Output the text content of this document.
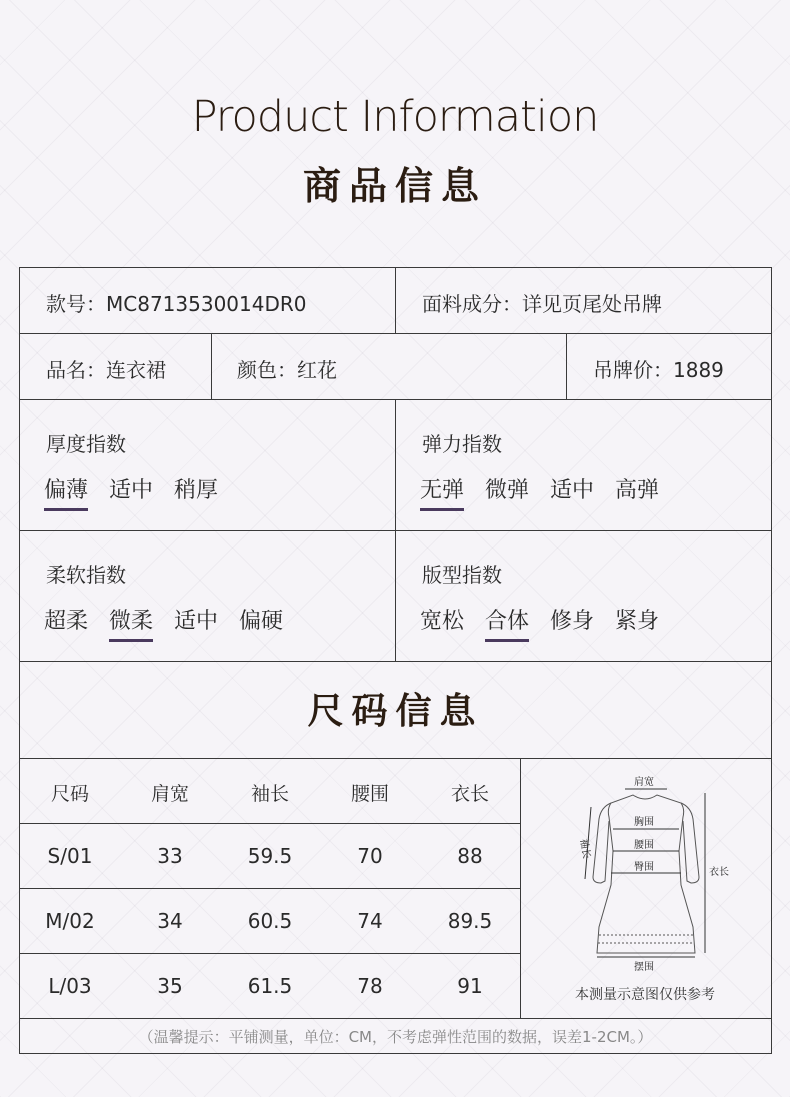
Product Information
商品信息
款号：MC8713530014DR0	面料成分：详见页尾处吊牌
品名：连衣裙	颜色：红花	吊牌价：1889
厚度指数
偏薄 适中 稍厚
弹力指数
无弹 微弹 适中 高弹
柔软指数
超柔 微柔 适中 偏硬
版型指数
宽松 合体 修身 紧身
尺码信息
尺码	肩宽	袖长	腰围	衣长
S/01	33	59.5	70	88
M/02	34	60.5	74	89.5
L/03	35	61.5	78	91
肩宽
胸围
腰围
臀围
摆围
衣长
袖长
本测量示意图仅供参考
（温馨提示：平铺测量，单位：CM，不考虑弹性范围的数据，误差1-2CM。）
